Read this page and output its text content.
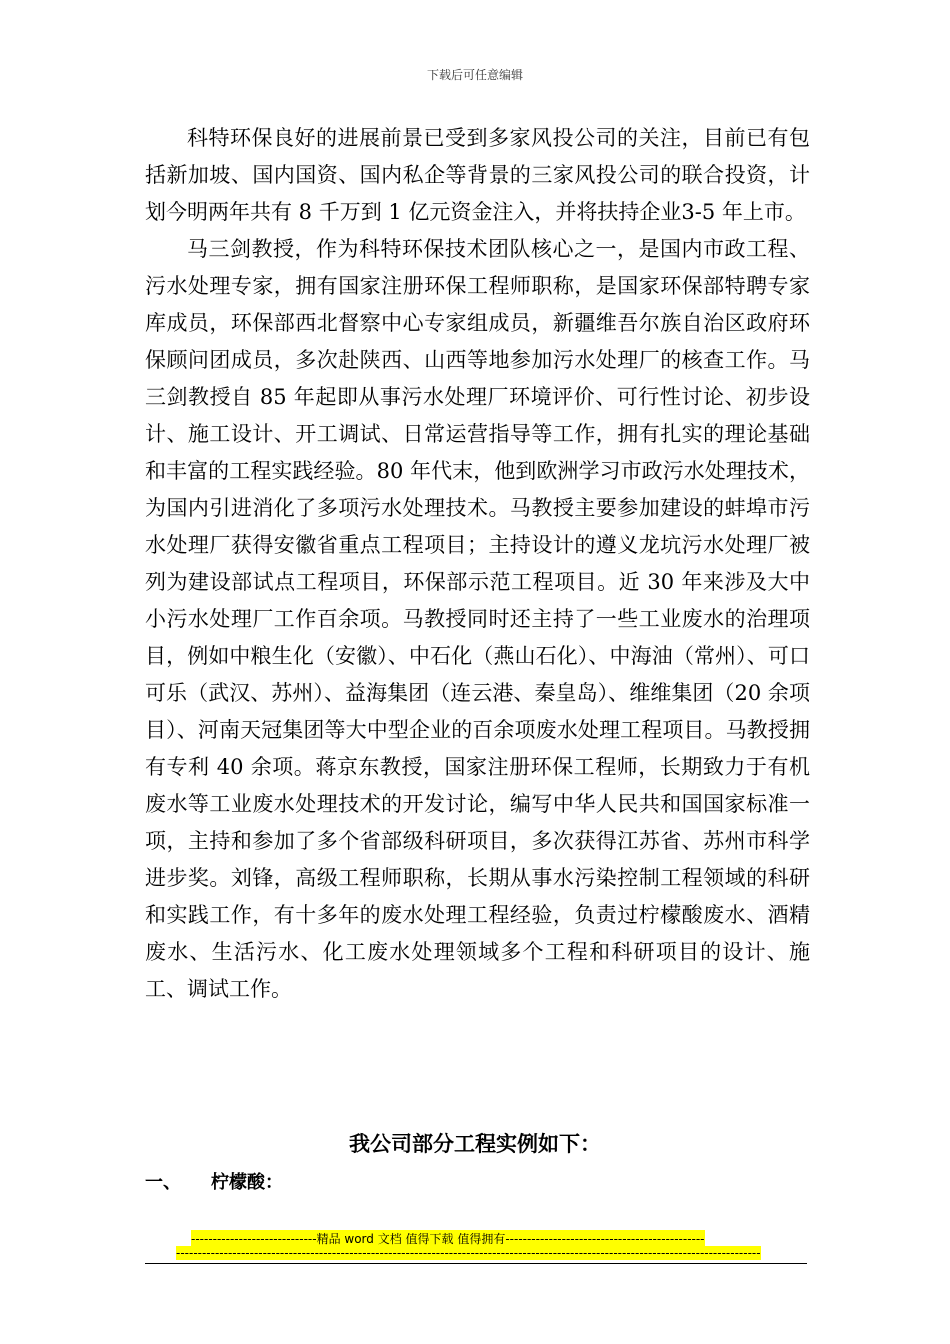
下载后可任意编辑

科特环保良好的进展前景已受到多家风投公司的关注，目前已有包括新加坡、国内国资、国内私企等背景的三家风投公司的联合投资，计划今明两年共有 8 千万到 1 亿元资金注入，并将扶持企业3-5 年上市。

马三剑教授，作为科特环保技术团队核心之一，是国内市政工程、污水处理专家，拥有国家注册环保工程师职称，是国家环保部特聘专家库成员，环保部西北督察中心专家组成员，新疆维吾尔族自治区政府环保顾问团成员，多次赴陕西、山西等地参加污水处理厂的核查工作。马三剑教授自 85 年起即从事污水处理厂环境评价、可行性讨论、初步设计、施工设计、开工调试、日常运营指导等工作，拥有扎实的理论基础和丰富的工程实践经验。80 年代末，他到欧洲学习市政污水处理技术，为国内引进消化了多项污水处理技术。马教授主要参加建设的蚌埠市污水处理厂获得安徽省重点工程项目；主持设计的遵义龙坑污水处理厂被列为建设部试点工程项目，环保部示范工程项目。近 30 年来涉及大中小污水处理厂工作百余项。马教授同时还主持了一些工业废水的治理项目，例如中粮生化（安徽）、中石化（燕山石化）、中海油（常州）、可口可乐（武汉、苏州）、益海集团（连云港、秦皇岛）、维维集团（20 余项目）、河南天冠集团等大中型企业的百余项废水处理工程项目。马教授拥有专利 40 余项。蒋京东教授，国家注册环保工程师，长期致力于有机废水等工业废水处理技术的开发讨论，编写中华人民共和国国家标准一项，主持和参加了多个省部级科研项目，多次获得江苏省、苏州市科学进步奖。刘锋，高级工程师职称，长期从事水污染控制工程领域的科研和实践工作，有十多年的废水处理工程经验，负责过柠檬酸废水、酒精废水、生活污水、化工废水处理领域多个工程和科研项目的设计、施工、调试工作。

我公司部分工程实例如下：
一、 柠檬酸：
-----------------------------精品 word 文档 值得下载 值得拥有----------------------------------------------
---------------------------------------------------------------------------------------------------------------------------------------
